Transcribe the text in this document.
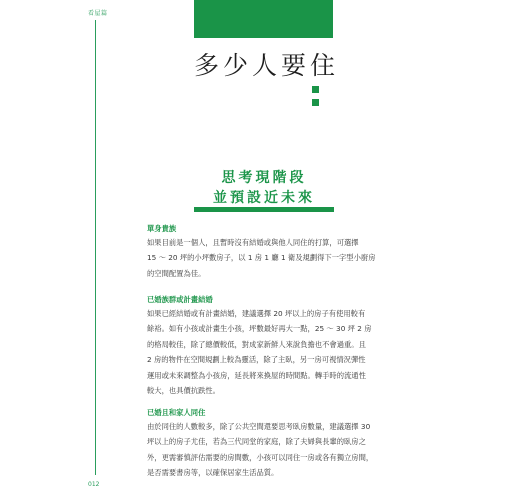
看屋篇
012
多少人要住
思考現階段
並預設近未來
單身貴族
如果目前是一個人，且暫時沒有結婚或與他人同住的打算，可選擇
15 ～ 20 坪的小坪數房子，以 1 房 1 廳 1 衛及規劃得下一字型小廚房
的空間配置為佳。
已婚族群或計畫結婚
如果已經結婚或有計畫結婚，建議選擇 20 坪以上的房子有使用較有
餘裕。如有小孩或計畫生小孩，坪數最好再大一點，25 ～ 30 坪 2 房
的格局較佳，除了總價較低，對成家新鮮人來說負擔也不會過重。且
2 房的物件在空間規劃上較為靈活，除了主臥，另一房可視情況彈性
運用或未來調整為小孩房，延長將來換屋的時間點。轉手時的流通性
較大，也具價抗跌性。
已婚且和家人同住
由於同住的人數較多，除了公共空間還要思考臥房數量，建議選擇 30
坪以上的房子尤佳，若為三代同堂的家庭，除了夫婦與長輩的臥房之
外，更需審慎評估需要的房間數，小孩可以同住一房或各有獨立房間，
是否需要書房等，以確保居家生活品質。
